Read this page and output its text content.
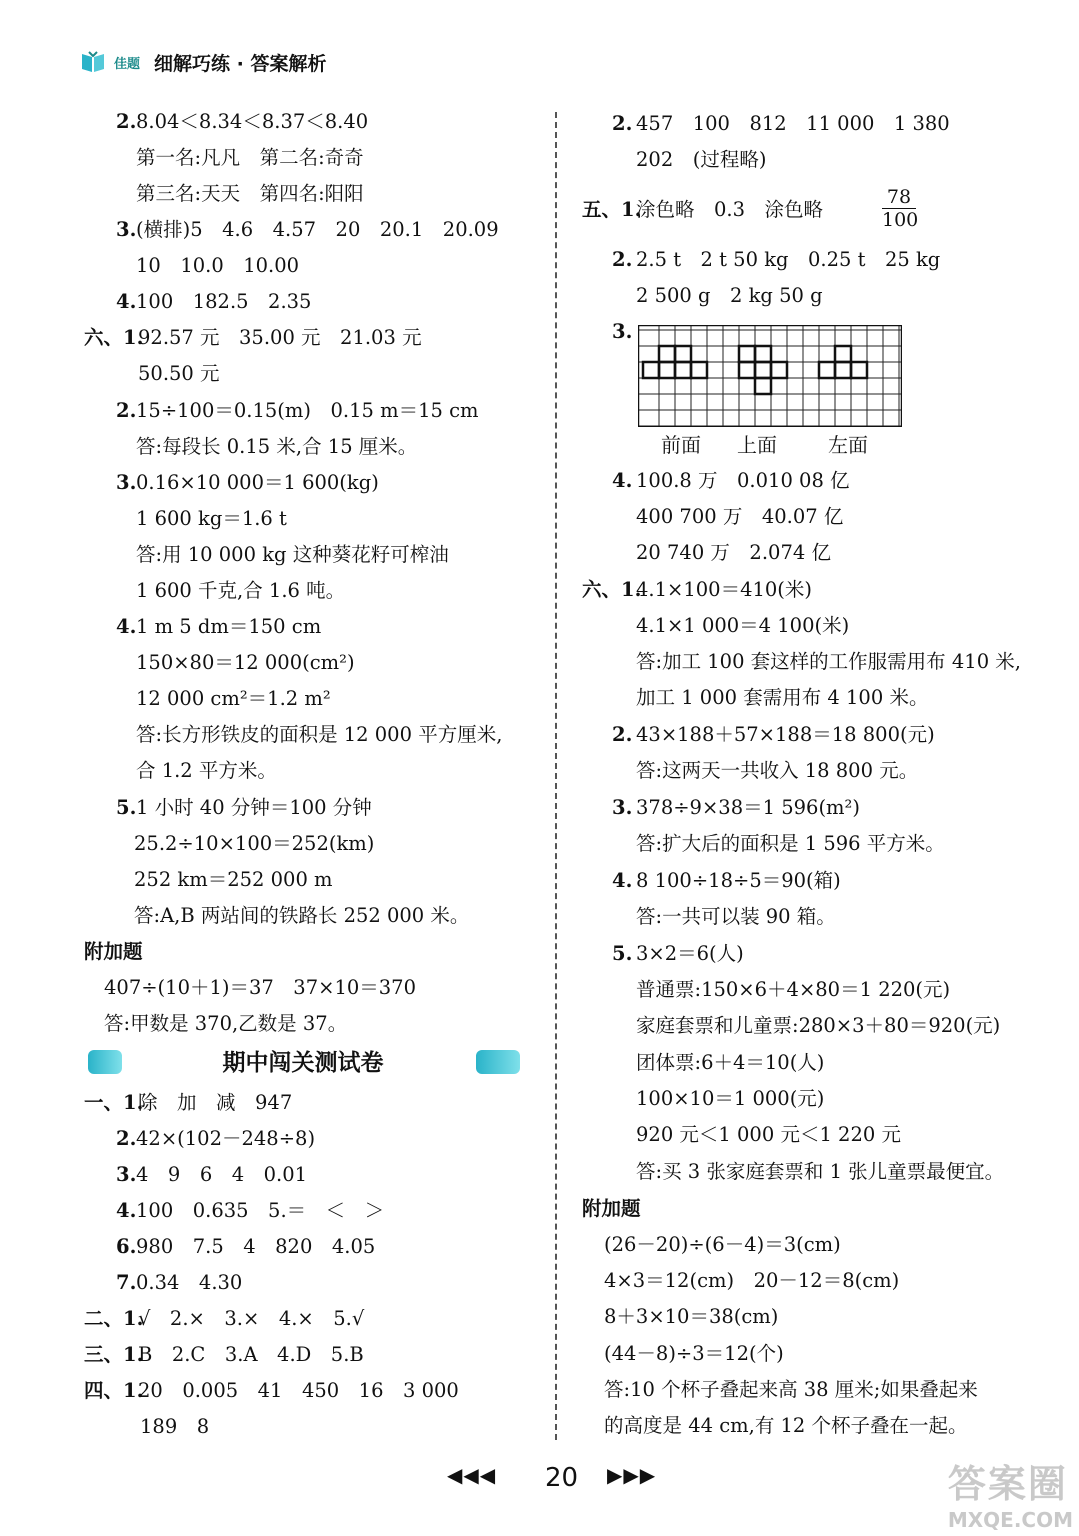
佳题 细解巧练 · 答案解析
2. 8.04＜8.34＜8.37＜8.40
第一名:凡凡　第二名:奇奇
第三名:天天　第四名:阳阳
3. (横排)5　4.6　4.57　20　20.1　20.09
10　10.0　10.00
4. 100　182.5　2.35
六、1.
92.57 元　35.00 元　21.03 元
50.50 元
2. 15÷100＝0.15(m)　0.15 m＝15 cm
答:每段长 0.15 米,合 15 厘米。
3. 0.16×10 000＝1 600(kg)
1 600 kg＝1.6 t
答:用 10 000 kg 这种葵花籽可榨油
1 600 千克,合 1.6 吨。
4. 1 m 5 dm＝150 cm
150×80＝12 000(cm²)
12 000 cm²＝1.2 m²
答:长方形铁皮的面积是 12 000 平方厘米,
合 1.2 平方米。
5. 1 小时 40 分钟＝100 分钟
25.2÷10×100＝252(km)
252 km＝252 000 m
答:A,B 两站间的铁路长 252 000 米。
附加题
407÷(10＋1)＝37　37×10＝370
答:甲数是 370,乙数是 37。
一、1.
除　加　减　947
2. 42×(102－248÷8)
3. 4　9　6　4　0.01
4. 100　0.635　5.＝　＜　＞
6. 980　7.5　4　820　4.05
7. 0.34　4.30
二、1.
√　2.×　3.×　4.×　5.√
三、1.
B　2.C　3.A　4.D　5.B
四、1.
20　0.005　41　450　16　3 000
189　8
期中闯关测试卷
2. 457　100　812　11 000　1 380
202　(过程略)
五、1.
涂色略　0.3　涂色略
2. 2.5 t　2 t 50 kg　0.25 t　25 kg
2 500 g　2 kg 50 g
3.
4. 100.8 万　0.010 08 亿
400 700 万　40.07 亿
20 740 万　2.074 亿
六、1.
4.1×100＝410(米)
4.1×1 000＝4 100(米)
答:加工 100 套这样的工作服需用布 410 米,
加工 1 000 套需用布 4 100 米。
2. 43×188＋57×188＝18 800(元)
答:这两天一共收入 18 800 元。
3. 378÷9×38＝1 596(m²)
答:扩大后的面积是 1 596 平方米。
4. 8 100÷18÷5＝90(箱)
答:一共可以装 90 箱。
5. 3×2＝6(人)
普通票:150×6＋4×80＝1 220(元)
家庭套票和儿童票:280×3＋80＝920(元)
团体票:6＋4＝10(人)
100×10＝1 000(元)
920 元＜1 000 元＜1 220 元
答:买 3 张家庭套票和 1 张儿童票最便宜。
附加题
(26－20)÷(6－4)＝3(cm)
4×3＝12(cm)　20－12＝8(cm)
8＋3×10＝38(cm)
(44－8)÷3＝12(个)
答:10 个杯子叠起来高 38 厘米;如果叠起来
的高度是 44 cm,有 12 个杯子叠在一起。
$\frac{78}{100}$
前面 上面	左面
◀◀◀ 20 ▶▶▶	答案圈
MXQE.COM
